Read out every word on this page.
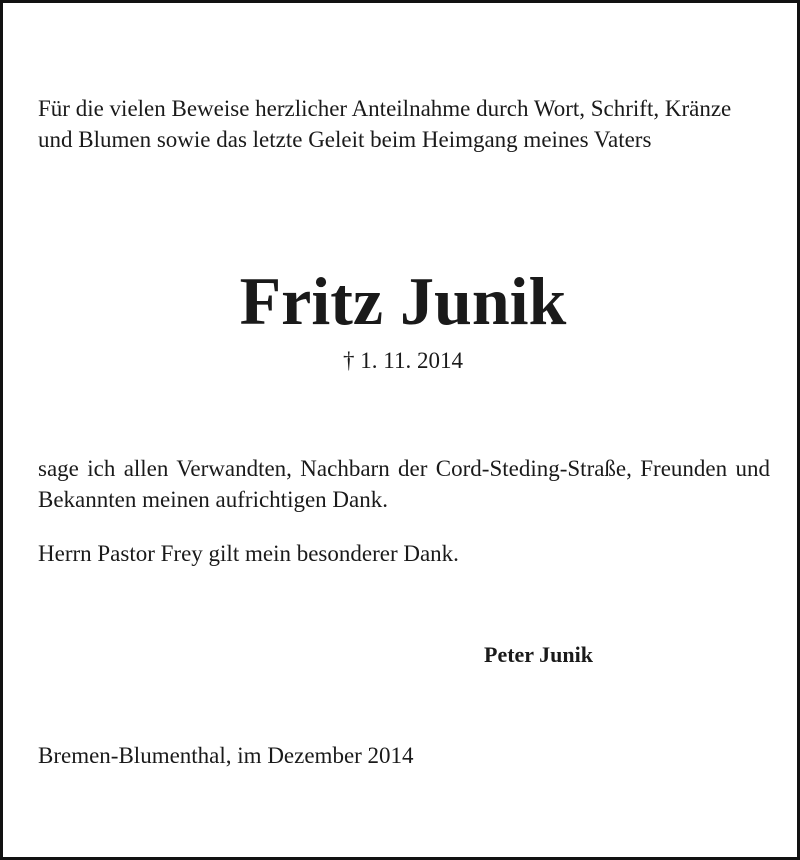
Für die vielen Beweise herzlicher Anteilnahme durch Wort, Schrift, Kränze und Blumen sowie das letzte Geleit beim Heimgang meines Vaters
Fritz Junik
† 1. 11. 2014
sage ich allen Verwandten, Nachbarn der Cord-Steding-Straße, Freunden und Bekannten meinen aufrichtigen Dank.
Herrn Pastor Frey gilt mein besonderer Dank.
Peter Junik
Bremen-Blumenthal, im Dezember 2014
